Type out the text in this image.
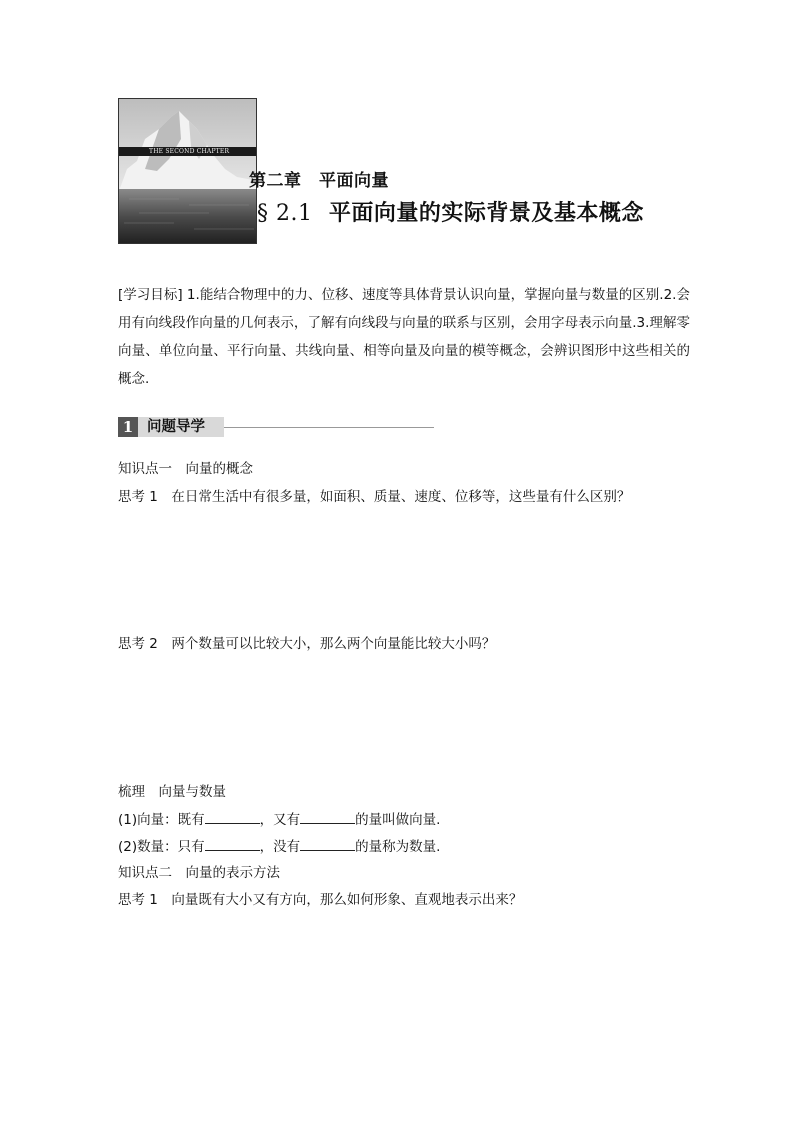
THE SECOND CHAPTER
第二章　平面向量
§ 2.1 平面向量的实际背景及基本概念
[学习目标] 1.能结合物理中的力、位移、速度等具体背景认识向量，掌握向量与数量的区别.2.会用有向线段作向量的几何表示，了解有向线段与向量的联系与区别，会用字母表示向量.3.理解零向量、单位向量、平行向量、共线向量、相等向量及向量的模等概念，会辨识图形中这些相关的概念.
1 问题导学
知识点一　向量的概念
思考 1　在日常生活中有很多量，如面积、质量、速度、位移等，这些量有什么区别？
思考 2　两个数量可以比较大小，那么两个向量能比较大小吗？
梳理　向量与数量
(1)向量：既有	，又有	的量叫做向量.
(2)数量：只有	，没有	的量称为数量.
知识点二　向量的表示方法
思考 1　向量既有大小又有方向，那么如何形象、直观地表示出来？
